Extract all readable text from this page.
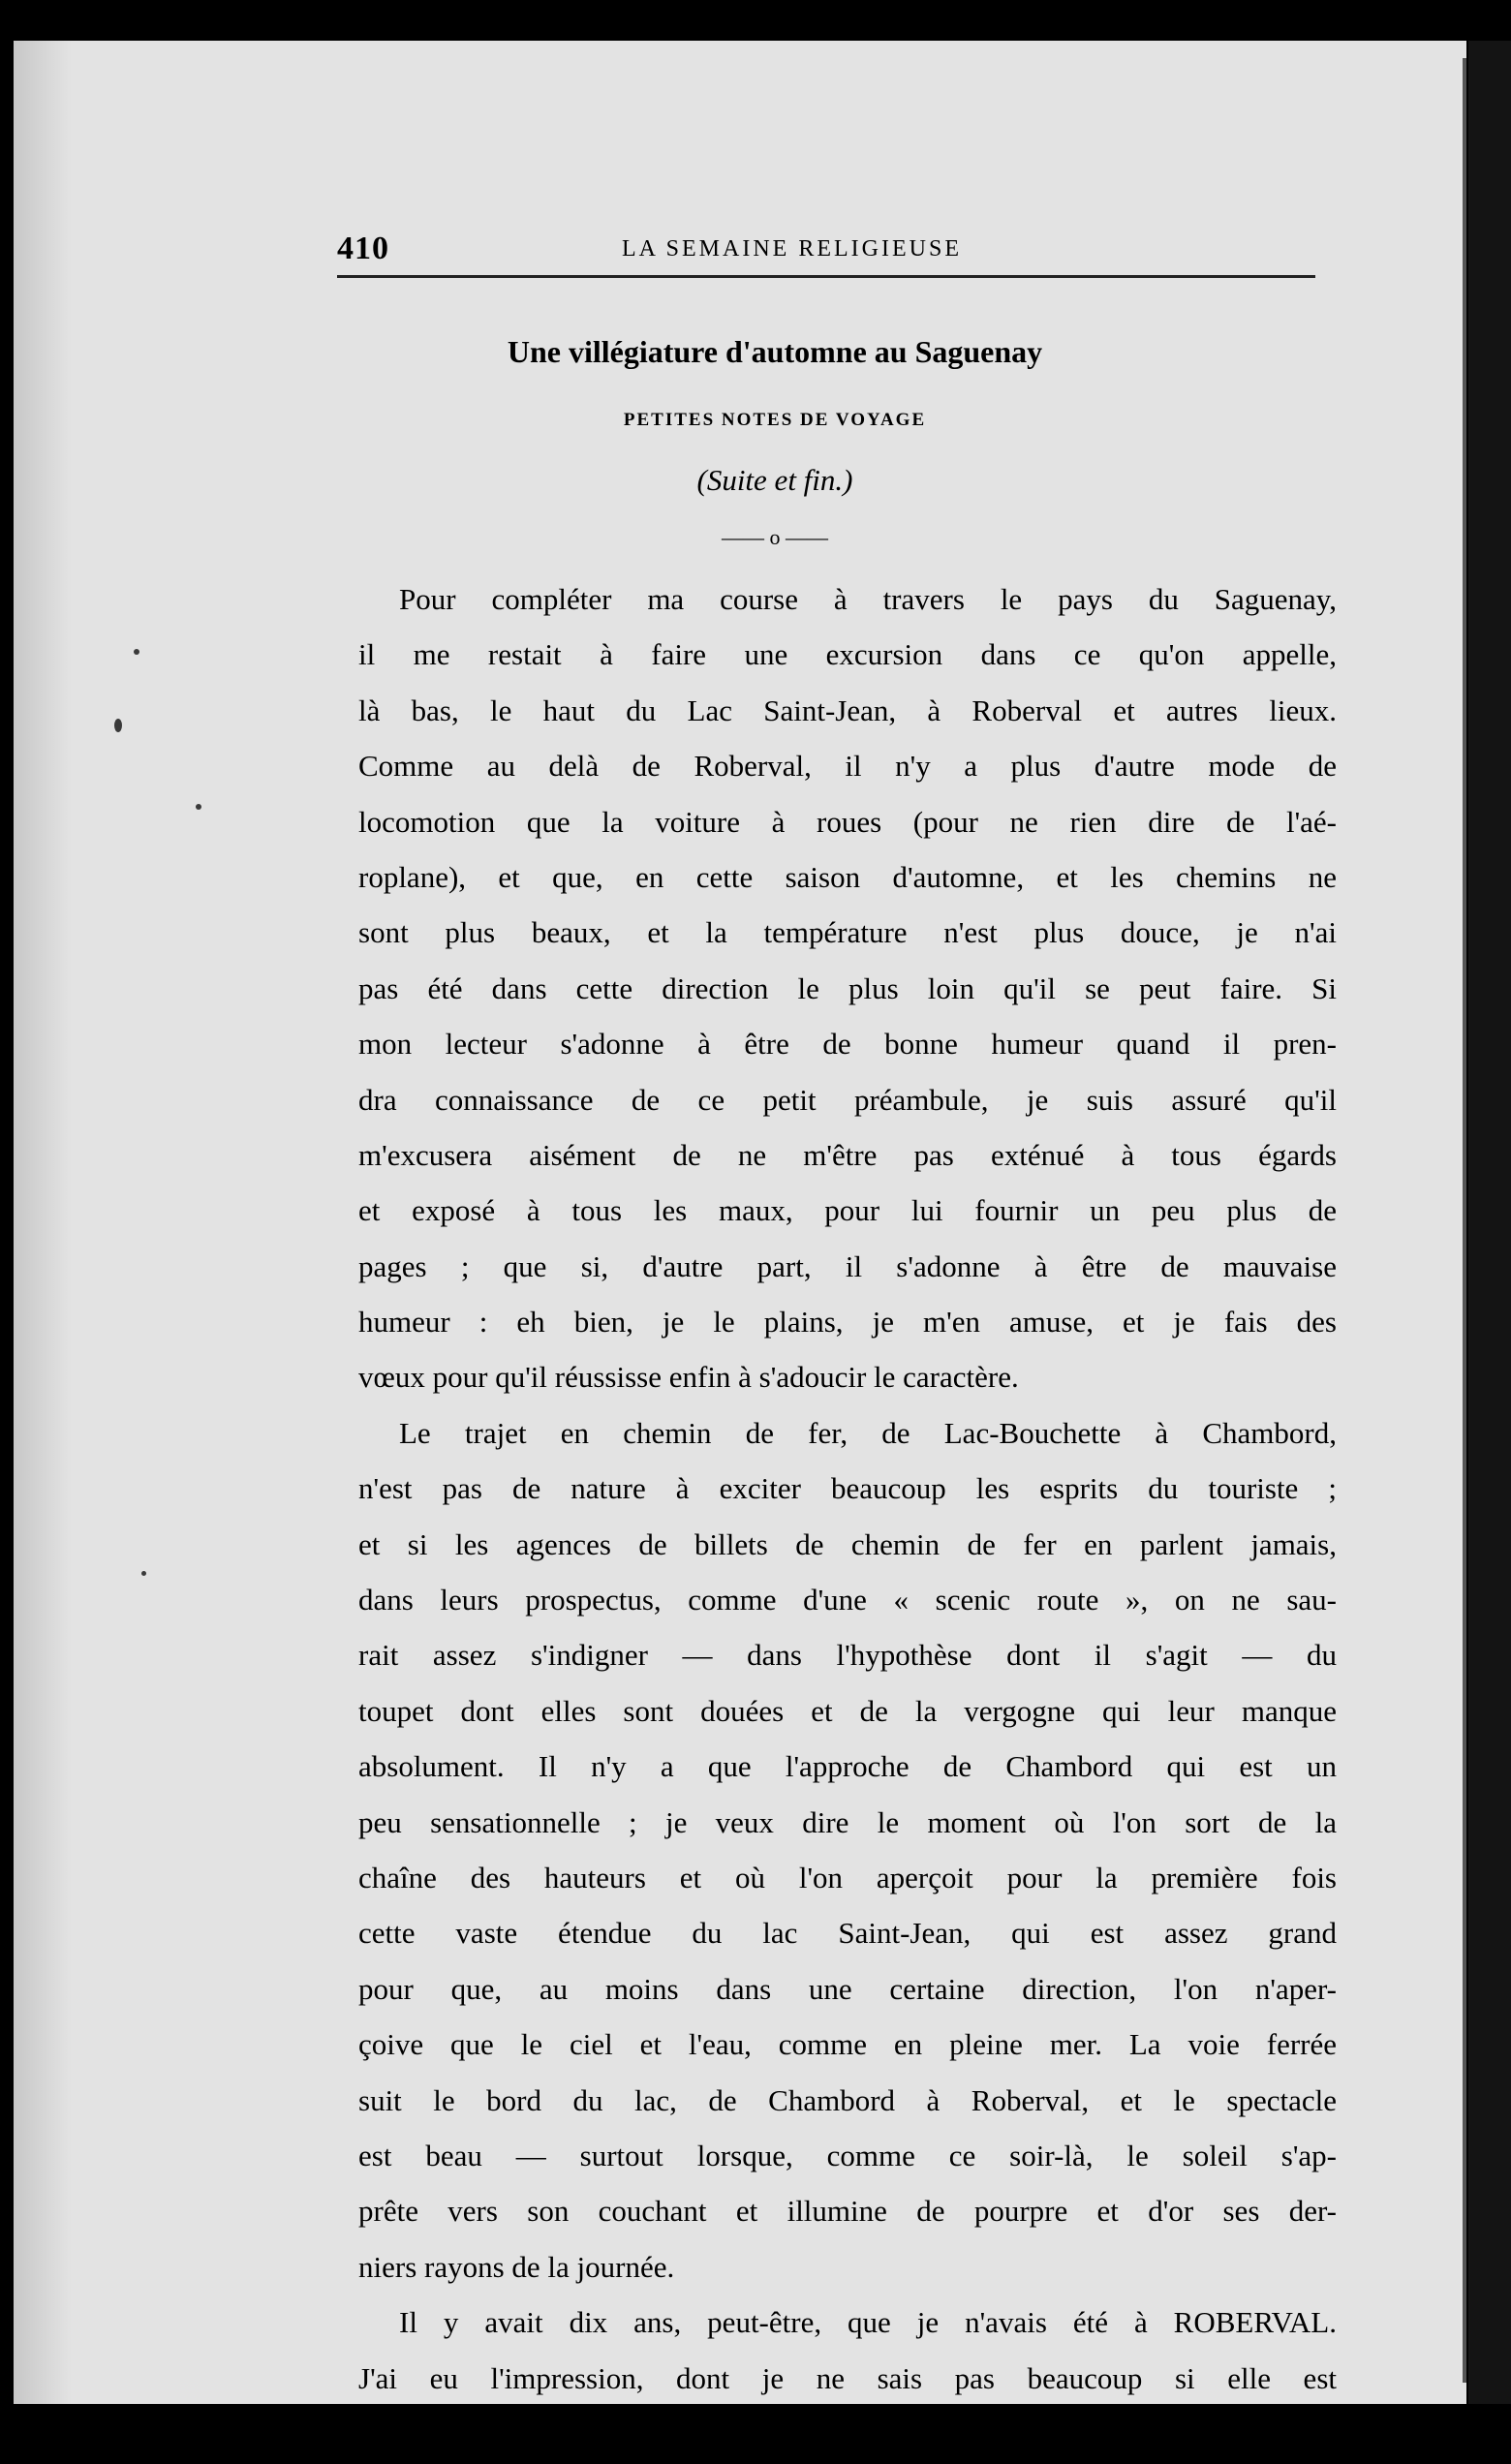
410	LA SEMAINE RELIGIEUSE
Une villégiature d'automne au Saguenay
PETITES NOTES DE VOYAGE
(Suite et fin.)
—— o ——
Pour compléter ma course à travers le pays du Saguenay,
il me restait à faire une excursion dans ce qu'on appelle,
là bas, le haut du Lac Saint-Jean, à Roberval et autres lieux.
Comme au delà de Roberval, il n'y a plus d'autre mode de
locomotion que la voiture à roues (pour ne rien dire de l'aé-
roplane), et que, en cette saison d'automne, et les chemins ne
sont plus beaux, et la température n'est plus douce, je n'ai
pas été dans cette direction le plus loin qu'il se peut faire. Si
mon lecteur s'adonne à être de bonne humeur quand il pren-
dra connaissance de ce petit préambule, je suis assuré qu'il
m'excusera aisément de ne m'être pas exténué à tous égards
et exposé à tous les maux, pour lui fournir un peu plus de
pages ; que si, d'autre part, il s'adonne à être de mauvaise
humeur : eh bien, je le plains, je m'en amuse, et je fais des
vœux pour qu'il réussisse enfin à s'adoucir le caractère.
Le trajet en chemin de fer, de Lac-Bouchette à Chambord,
n'est pas de nature à exciter beaucoup les esprits du touriste ;
et si les agences de billets de chemin de fer en parlent jamais,
dans leurs prospectus, comme d'une « scenic route », on ne sau-
rait assez s'indigner — dans l'hypothèse dont il s'agit — du
toupet dont elles sont douées et de la vergogne qui leur manque
absolument. Il n'y a que l'approche de Chambord qui est un
peu sensationnelle ; je veux dire le moment où l'on sort de la
chaîne des hauteurs et où l'on aperçoit pour la première fois
cette vaste étendue du lac Saint-Jean, qui est assez grand
pour que, au moins dans une certaine direction, l'on n'aper-
çoive que le ciel et l'eau, comme en pleine mer. La voie ferrée
suit le bord du lac, de Chambord à Roberval, et le spectacle
est beau — surtout lorsque, comme ce soir-là, le soleil s'ap-
prête vers son couchant et illumine de pourpre et d'or ses der-
niers rayons de la journée.
Il y avait dix ans, peut-être, que je n'avais été à ROBERVAL.
J'ai eu l'impression, dont je ne sais pas beaucoup si elle est
